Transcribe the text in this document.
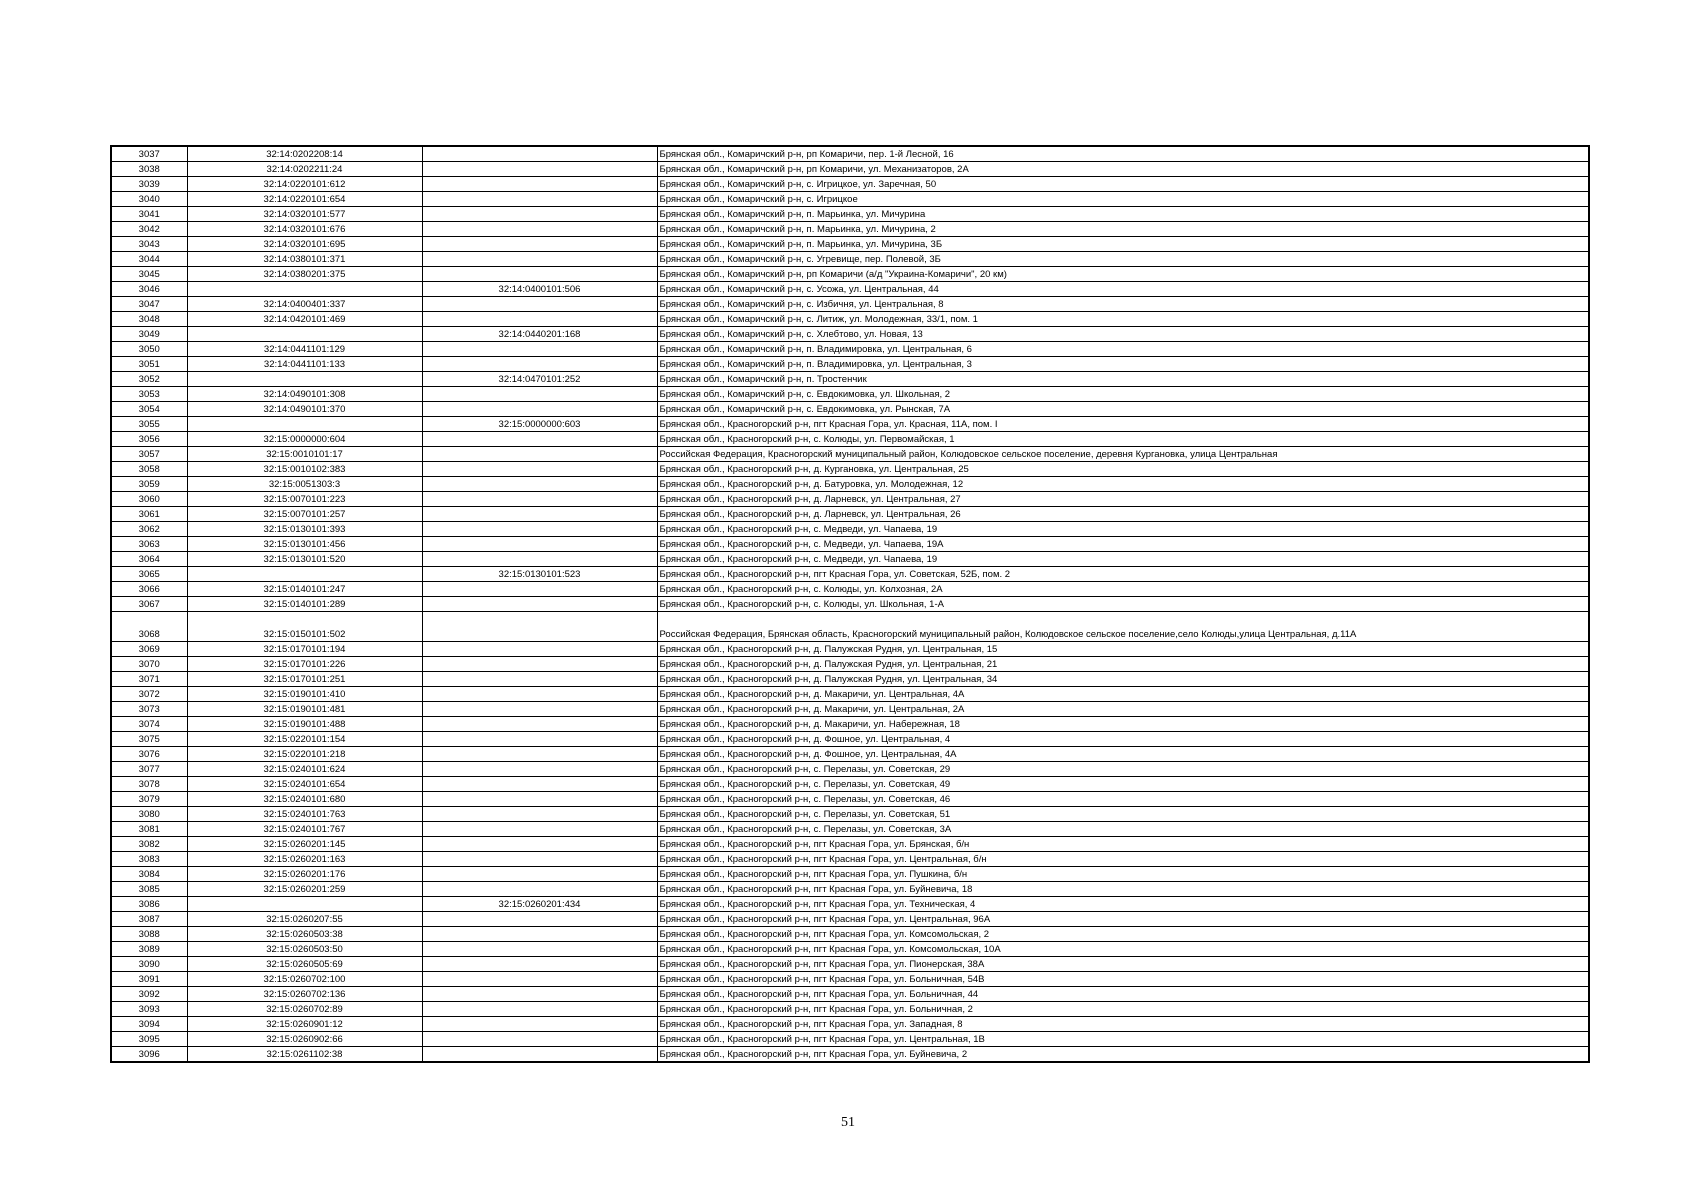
3037	32:14:0202208:14		Брянская обл., Комаричский р-н, рп Комаричи, пер. 1-й Лесной, 16
3038	32:14:0202211:24		Брянская обл., Комаричский р-н, рп Комаричи, ул. Механизаторов, 2А
3039	32:14:0220101:612		Брянская обл., Комаричский р-н, с. Игрицкое, ул. Заречная, 50
3040	32:14:0220101:654		Брянская обл., Комаричский р-н, с. Игрицкое
3041	32:14:0320101:577		Брянская обл., Комаричский р-н, п. Марьинка, ул. Мичурина
3042	32:14:0320101:676		Брянская обл., Комаричский р-н, п. Марьинка, ул. Мичурина, 2
3043	32:14:0320101:695		Брянская обл., Комаричский р-н, п. Марьинка, ул. Мичурина, 3Б
3044	32:14:0380101:371		Брянская обл., Комаричский р-н, с. Угревище, пер. Полевой, 3Б
3045	32:14:0380201:375		Брянская обл., Комаричский р-н, рп Комаричи (а/д "Украина-Комаричи", 20 км)
3046		32:14:0400101:506	Брянская обл., Комаричский р-н, с. Усожа, ул. Центральная, 44
3047	32:14:0400401:337		Брянская обл., Комаричский р-н, с. Избичня, ул. Центральная, 8
3048	32:14:0420101:469		Брянская обл., Комаричский р-н, с. Литиж, ул. Молодежная, 33/1, пом. 1
3049		32:14:0440201:168	Брянская обл., Комаричский р-н, с. Хлебтово, ул. Новая, 13
3050	32:14:0441101:129		Брянская обл., Комаричский р-н, п. Владимировка, ул. Центральная, 6
3051	32:14:0441101:133		Брянская обл., Комаричский р-н, п. Владимировка, ул. Центральная, 3
3052		32:14:0470101:252	Брянская обл., Комаричский р-н, п. Тростенчик
3053	32:14:0490101:308		Брянская обл., Комаричский р-н, с. Евдокимовка, ул. Школьная, 2
3054	32:14:0490101:370		Брянская обл., Комаричский р-н, с. Евдокимовка, ул. Рынская, 7А
3055		32:15:0000000:603	Брянская обл., Красногорский р-н, пгт Красная Гора, ул. Красная, 11А, пом. I
3056	32:15:0000000:604		Брянская обл., Красногорский р-н, с. Колюды, ул. Первомайская, 1
3057	32:15:0010101:17		Российская Федерация, Красногорский муниципальный район, Колюдовское сельское поселение, деревня Кургановка, улица Центральная
3058	32:15:0010102:383		Брянская обл., Красногорский р-н, д. Кургановка, ул. Центральная, 25
3059	32:15:0051303:3		Брянская обл., Красногорский р-н, д. Батуровка, ул. Молодежная, 12
3060	32:15:0070101:223		Брянская обл., Красногорский р-н, д. Ларневск, ул. Центральная, 27
3061	32:15:0070101:257		Брянская обл., Красногорский р-н, д. Ларневск, ул. Центральная, 26
3062	32:15:0130101:393		Брянская обл., Красногорский р-н, с. Медведи, ул. Чапаева, 19
3063	32:15:0130101:456		Брянская обл., Красногорский р-н, с. Медведи, ул. Чапаева, 19А
3064	32:15:0130101:520		Брянская обл., Красногорский р-н, с. Медведи, ул. Чапаева, 19
3065		32:15:0130101:523	Брянская обл., Красногорский р-н, пгт Красная Гора, ул. Советская, 52Б, пом. 2
3066	32:15:0140101:247		Брянская обл., Красногорский р-н, с. Колюды, ул. Колхозная, 2А
3067	32:15:0140101:289		Брянская обл., Красногорский р-н, с. Колюды, ул. Школьная, 1-А
3068	32:15:0150101:502		Российская Федерация, Брянская область, Красногорский муниципальный район, Колюдовское сельское поселение,село Колюды,улица Центральная, д.11А
3069	32:15:0170101:194		Брянская обл., Красногорский р-н, д. Палужская Рудня, ул. Центральная, 15
3070	32:15:0170101:226		Брянская обл., Красногорский р-н, д. Палужская Рудня, ул. Центральная, 21
3071	32:15:0170101:251		Брянская обл., Красногорский р-н, д. Палужская Рудня, ул. Центральная, 34
3072	32:15:0190101:410		Брянская обл., Красногорский р-н, д. Макаричи, ул. Центральная, 4А
3073	32:15:0190101:481		Брянская обл., Красногорский р-н, д. Макаричи, ул. Центральная, 2А
3074	32:15:0190101:488		Брянская обл., Красногорский р-н, д. Макаричи, ул. Набережная, 18
3075	32:15:0220101:154		Брянская обл., Красногорский р-н, д. Фошное, ул. Центральная, 4
3076	32:15:0220101:218		Брянская обл., Красногорский р-н, д. Фошное, ул. Центральная, 4А
3077	32:15:0240101:624		Брянская обл., Красногорский р-н, с. Перелазы, ул. Советская, 29
3078	32:15:0240101:654		Брянская обл., Красногорский р-н, с. Перелазы, ул. Советская, 49
3079	32:15:0240101:680		Брянская обл., Красногорский р-н, с. Перелазы, ул. Советская, 46
3080	32:15:0240101:763		Брянская обл., Красногорский р-н, с. Перелазы, ул. Советская, 51
3081	32:15:0240101:767		Брянская обл., Красногорский р-н, с. Перелазы, ул. Советская, 3А
3082	32:15:0260201:145		Брянская обл., Красногорский р-н, пгт Красная Гора, ул. Брянская, б/н
3083	32:15:0260201:163		Брянская обл., Красногорский р-н, пгт Красная Гора, ул. Центральная, б/н
3084	32:15:0260201:176		Брянская обл., Красногорский р-н, пгт Красная Гора, ул. Пушкина, б/н
3085	32:15:0260201:259		Брянская обл., Красногорский р-н, пгт Красная Гора, ул. Буйневича, 18
3086		32:15:0260201:434	Брянская обл., Красногорский р-н, пгт Красная Гора, ул. Техническая, 4
3087	32:15:0260207:55		Брянская обл., Красногорский р-н, пгт Красная Гора, ул. Центральная, 96А
3088	32:15:0260503:38		Брянская обл., Красногорский р-н, пгт Красная Гора, ул. Комсомольская, 2
3089	32:15:0260503:50		Брянская обл., Красногорский р-н, пгт Красная Гора, ул. Комсомольская, 10А
3090	32:15:0260505:69		Брянская обл., Красногорский р-н, пгт Красная Гора, ул. Пионерская, 38А
3091	32:15:0260702:100		Брянская обл., Красногорский р-н, пгт Красная Гора, ул. Больничная, 54В
3092	32:15:0260702:136		Брянская обл., Красногорский р-н, пгт Красная Гора, ул. Больничная, 44
3093	32:15:0260702:89		Брянская обл., Красногорский р-н, пгт Красная Гора, ул. Больничная, 2
3094	32:15:0260901:12		Брянская обл., Красногорский р-н, пгт Красная Гора, ул. Западная, 8
3095	32:15:0260902:66		Брянская обл., Красногорский р-н, пгт Красная Гора, ул. Центральная, 1В
3096	32:15:0261102:38		Брянская обл., Красногорский р-н, пгт Красная Гора, ул. Буйневича, 2
51
